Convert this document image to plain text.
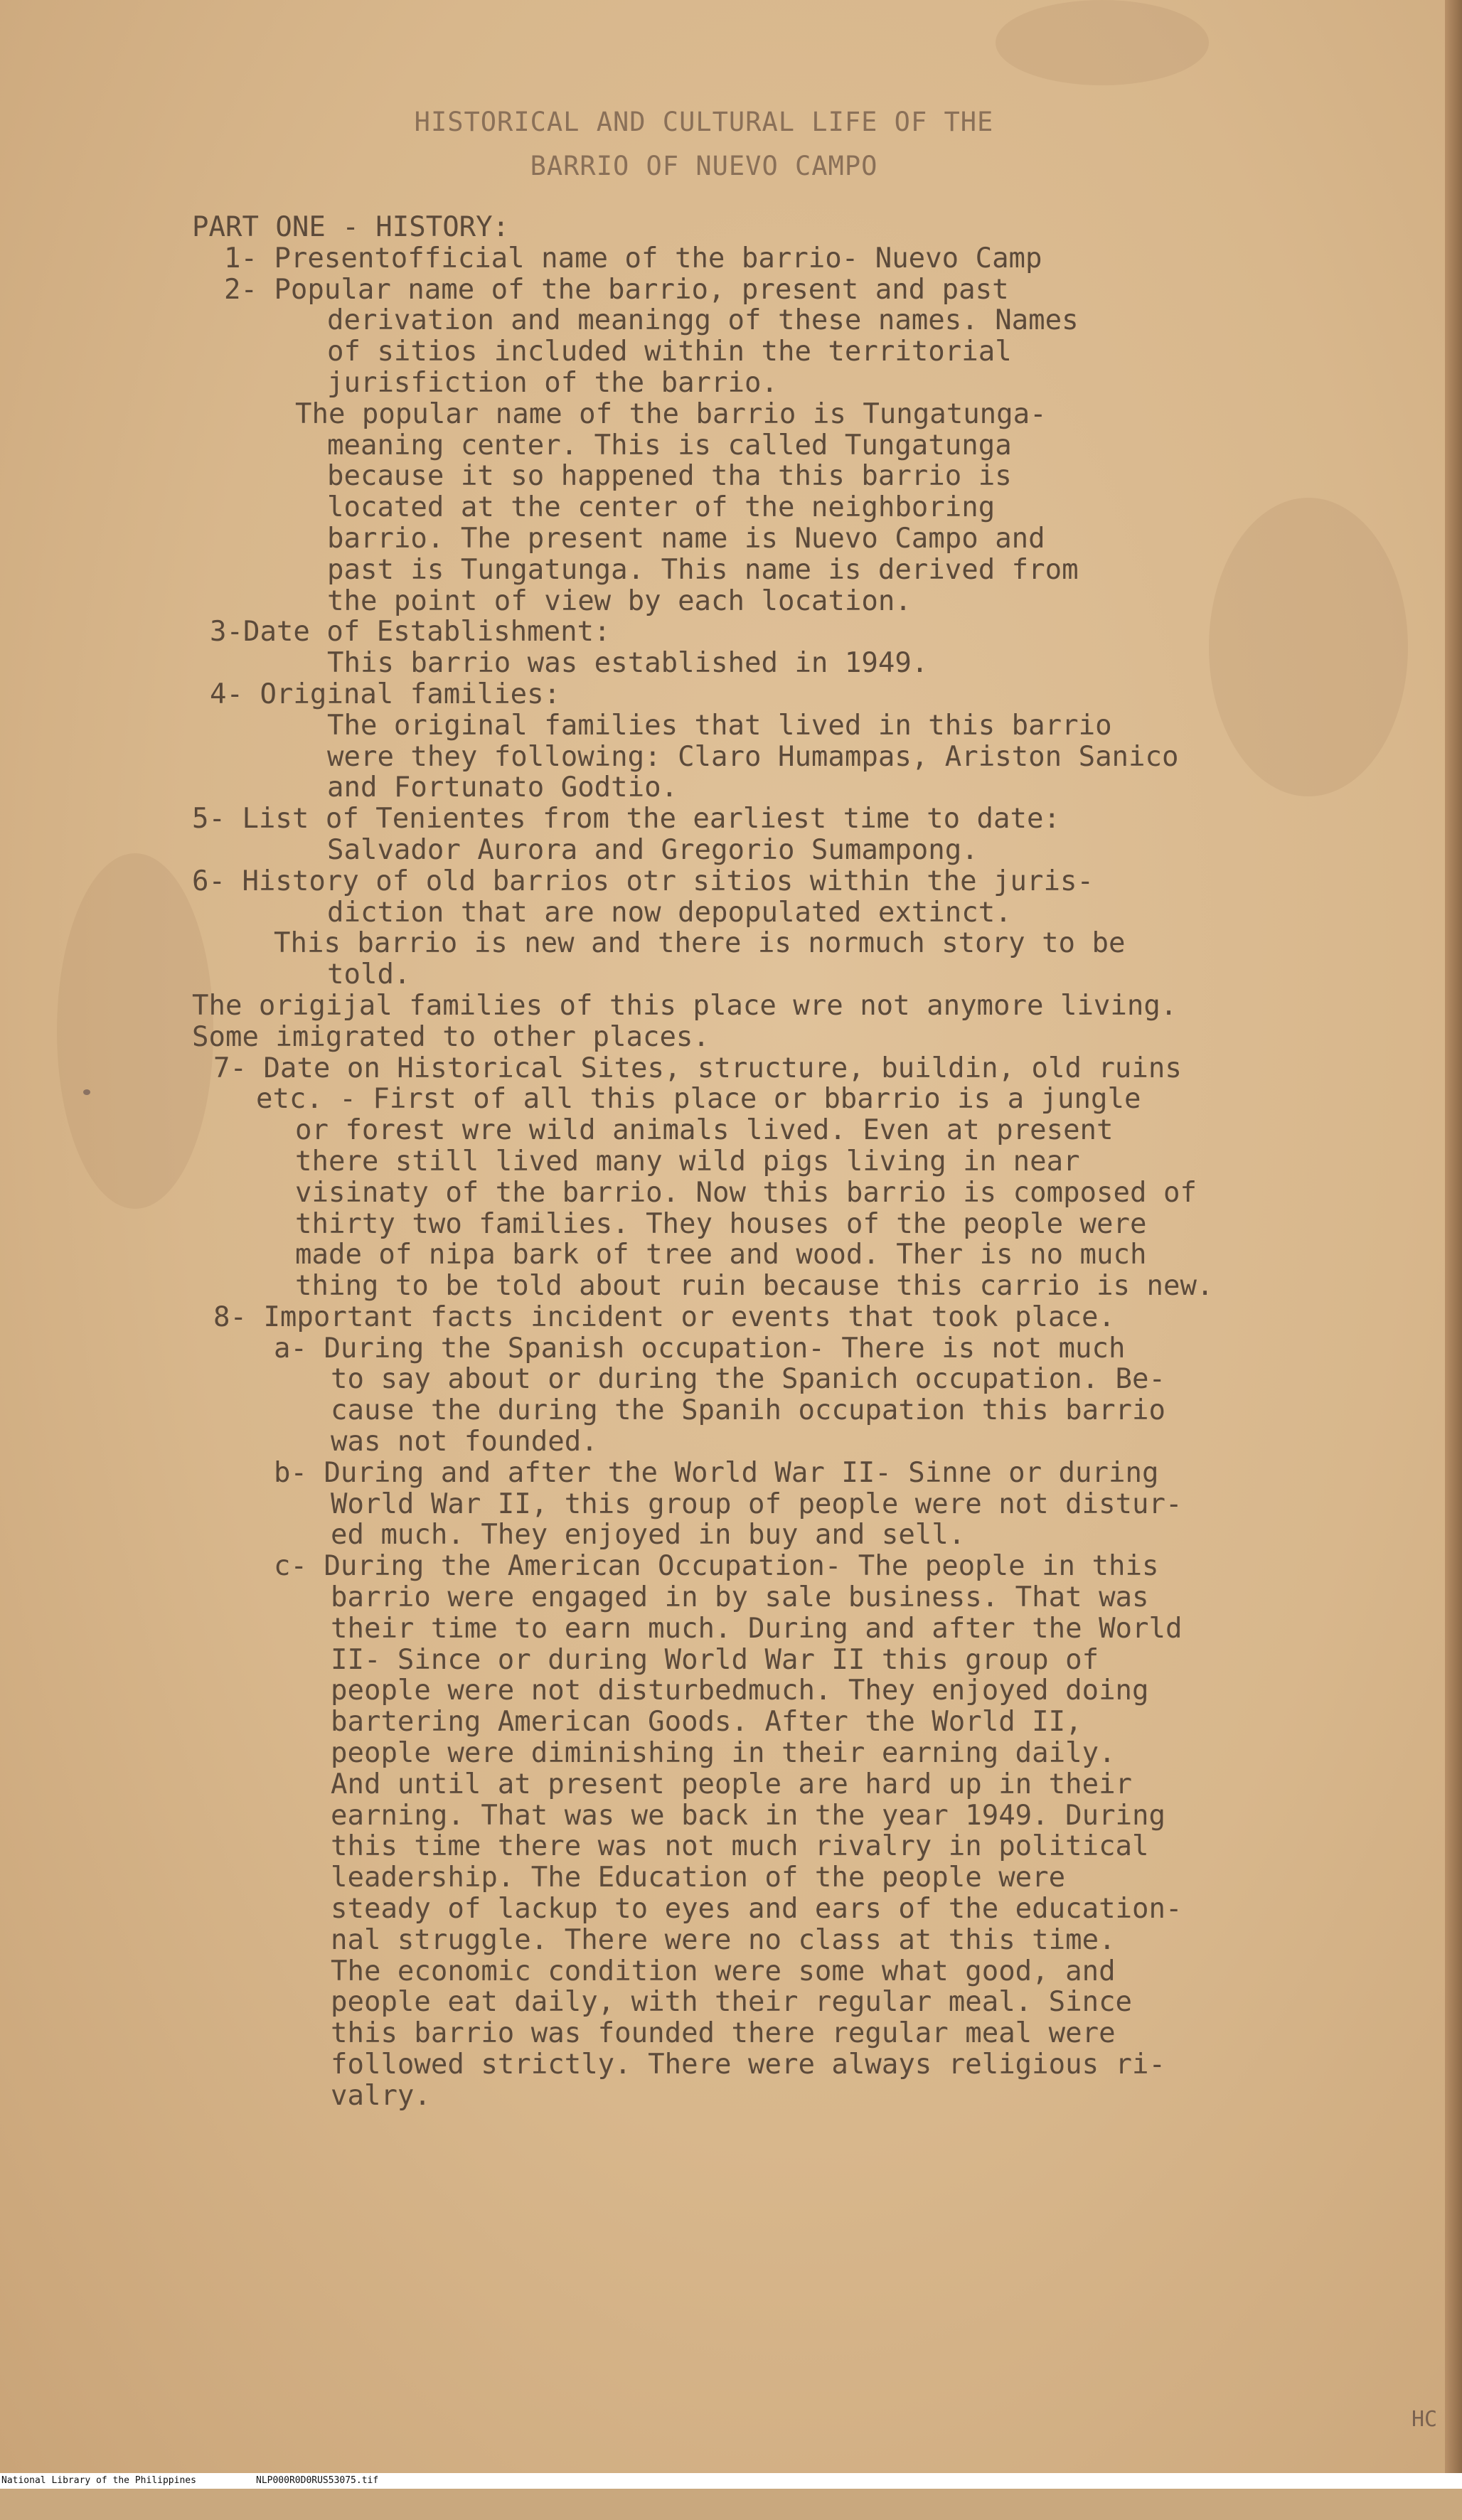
HISTORICAL AND CULTURAL LIFE OF THE
BARRIO OF NUEVO CAMPO
PART ONE - HISTORY:
1- Presentofficial name of the barrio- Nuevo Camp
2- Popular name of the barrio, present and past
derivation and meaningg of these names. Names
of sitios included within the territorial
jurisfiction of the barrio.
The popular name of the barrio is Tungatunga-
meaning center. This is called Tungatunga
because it so happened tha this barrio is
located at the center of the neighboring
barrio. The present name is Nuevo Campo and
past is Tungatunga. This name is derived from
the point of view by each location.
3-Date of Establishment:
This barrio was established in 1949.
4- Original families:
The original families that lived in this barrio
were they following: Claro Humampas, Ariston Sanico
and Fortunato Godtio.
5- List of Tenientes from the earliest time to date:
Salvador Aurora and Gregorio Sumampong.
6- History of old barrios otr sitios within the juris-
diction that are now depopulated extinct.
This barrio is new and there is normuch story to be
told.
The origijal families of this place wre not anymore living.
Some imigrated to other places.
7- Date on Historical Sites, structure, buildin, old ruins
etc. - First of all this place or bbarrio is a jungle
or forest wre wild animals lived. Even at present
there still lived many wild pigs living in near
visinaty of the barrio. Now this barrio is composed of
thirty two families. They houses of the people were
made of nipa bark of tree and wood. Ther is no much
thing to be told about ruin because this carrio is new.
8- Important facts incident or events that took place.
a- During the Spanish occupation- There is not much
to say about or during the Spanich occupation. Be-
cause the during the Spanih occupation this barrio
was not founded.
b- During and after the World War II- Sinne or during
World War II, this group of people were not distur-
ed much. They enjoyed in buy and sell.
c- During the American Occupation- The people in this
barrio were engaged in by sale business. That was
their time to earn much. During and after the World
II- Since or during World War II this group of
people were not disturbedmuch. They enjoyed doing
bartering American Goods. After the World II,
people were diminishing in their earning daily.
And until at present people are hard up in their
earning. That was we back in the year 1949. During
this time there was not much rivalry in political
leadership. The Education of the people were
steady of lackup to eyes and ears of the education-
nal struggle. There were no class at this time.
The economic condition were some what good, and
people eat daily, with their regular meal. Since
this barrio was founded there regular meal were
followed strictly. There were always religious ri-
valry.
HC

National Library of the Philippines

	NLP000R0D0RUS53075.tif
